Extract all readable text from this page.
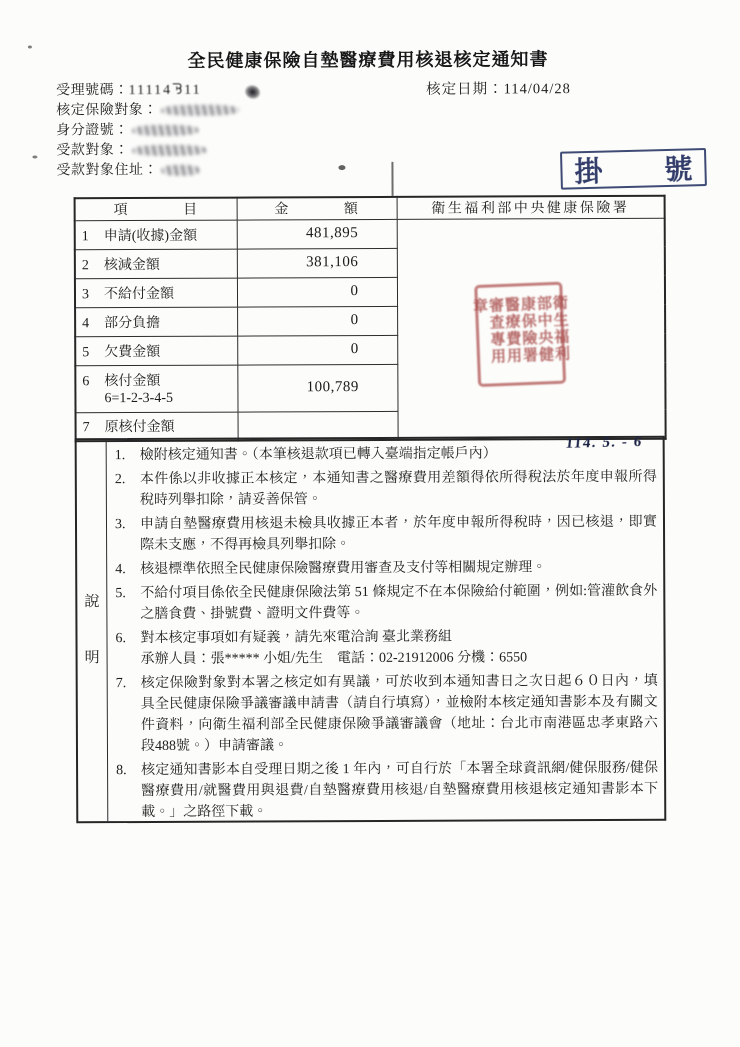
全民健康保險自墊醫療費用核退核定通知書
受理號碼：11114ᘋ11
核定保險對象：
身分證號：
受款對象：
受款對象住址：
核定日期：114/04/28
掛 號
項 目	金 額	衛生福利部中央健康保險署
1 申請(收據)金額	481,895	衛生福利部中央健康保險署醫療費用審查專用章

2 核減金額	381,106	
3 不給付金額	0	
4 部分負擔	0	
5 欠費金額	0	
6 核付金額
6=1-2-3-4-5	100,789	
7 原核付金額		
說
明
1.	檢附核定通知書。（本筆核退款項已轉入臺端指定帳戶內）
2.	本件係以非收據正本核定，本通知書之醫療費用差額得依所得稅法於年度申報所得稅時列舉扣除，請妥善保管。
3.	申請自墊醫療費用核退未檢具收據正本者，於年度申報所得稅時，因已核退，即實際未支應，不得再檢具列舉扣除。
4.	核退標準依照全民健康保險醫療費用審查及支付等相關規定辦理。
5.	不給付項目係依全民健康保險法第 51 條規定不在本保險給付範圍，例如:管灌飲食外之膳食費、掛號費、證明文件費等。
6.	對本核定事項如有疑義，請先來電洽詢 臺北業務組
承辦人員：張***** 小姐/先生　電話：02-21912006 分機：6550
7.	核定保險對象對本署之核定如有異議，可於收到本通知書日之次日起６０日內，填具全民健康保險爭議審議申請書（請自行填寫），並檢附本核定通知書影本及有關文件資料，向衛生福利部全民健康保險爭議審議會（地址：台北市南港區忠孝東路六段488號。）申請審議。
8.	核定通知書影本自受理日期之後 1 年內，可自行於「本署全球資訊網/健保服務/健保醫療費用/就醫費用與退費/自墊醫療費用核退/自墊醫療費用核退核定通知書影本下載。」之路徑下載。
114. 5. - 6
